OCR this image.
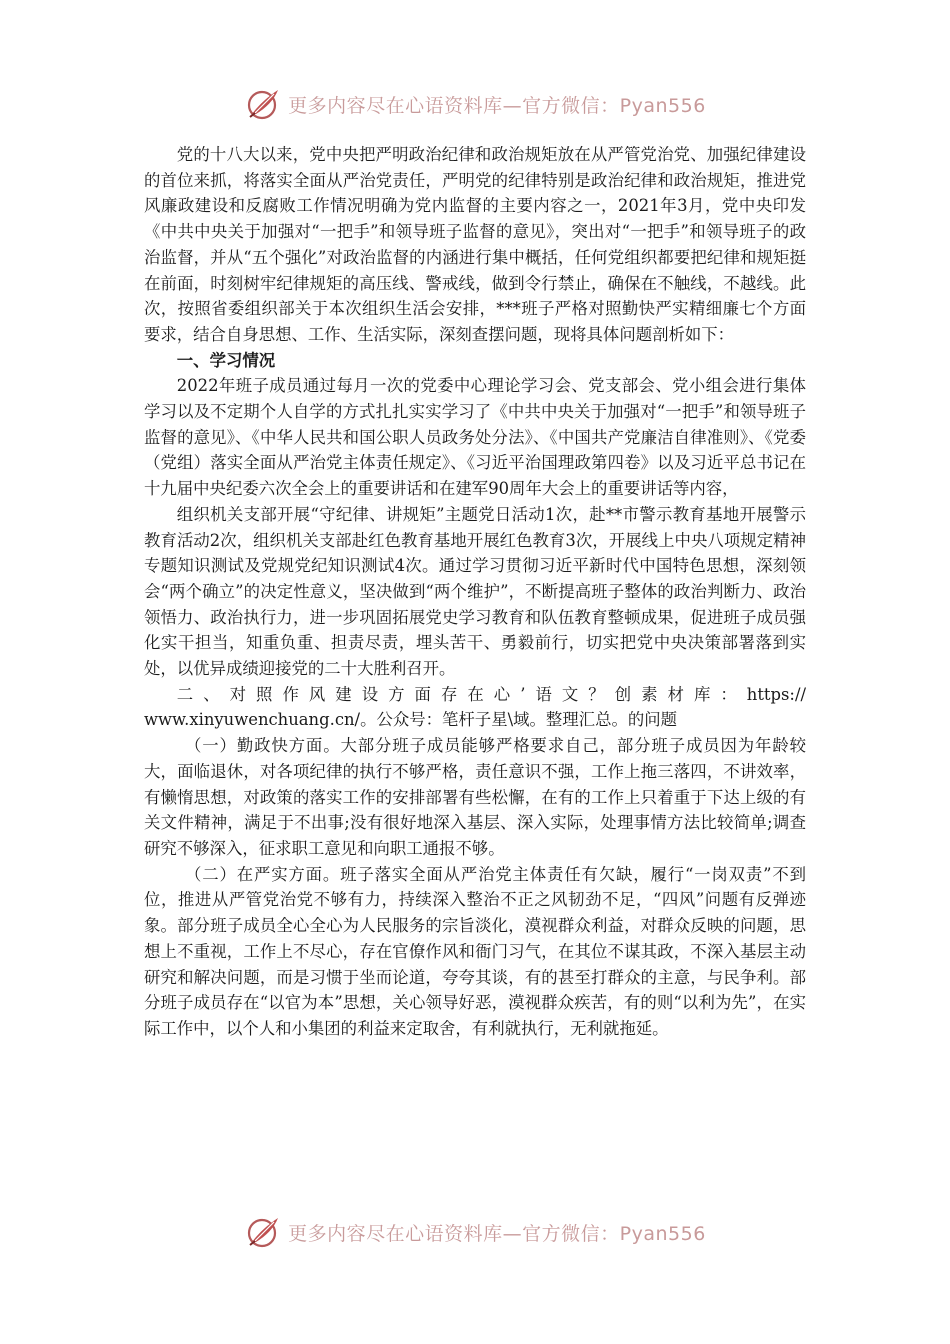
更多内容尽在心语资料库—官方微信：Pyan556

党的十八大以来，党中央把严明政治纪律和政治规矩放在从严管党治党、加强纪律建设的首位来抓，将落实全面从严治党责任，严明党的纪律特别是政治纪律和政治规矩，推进党风廉政建设和反腐败工作情况明确为党内监督的主要内容之一，2021年3月，党中央印发《中共中央关于加强对“一把手”和领导班子监督的意见》，突出对“一把手”和领导班子的政治监督，并从“五个强化”对政治监督的内涵进行集中概括，任何党组织都要把纪律和规矩挺在前面，时刻树牢纪律规矩的高压线、警戒线，做到令行禁止，确保在不触线，不越线。此次，按照省委组织部关于本次组织生活会安排，***班子严格对照勤快严实精细廉七个方面要求，结合自身思想、工作、生活实际，深刻查摆问题，现将具体问题剖析如下：

一、学习情况

2022年班子成员通过每月一次的党委中心理论学习会、党支部会、党小组会进行集体学习以及不定期个人自学的方式扎扎实实学习了《中共中央关于加强对“一把手”和领导班子监督的意见》、《中华人民共和国公职人员政务处分法》、《中国共产党廉洁自律准则》、《党委（党组）落实全面从严治党主体责任规定》、《习近平治国理政第四卷》以及习近平总书记在十九届中央纪委六次全会上的重要讲话和在建军90周年大会上的重要讲话等内容，

组织机关支部开展“守纪律、讲规矩”主题党日活动1次，赴**市警示教育基地开展警示教育活动2次，组织机关支部赴红色教育基地开展红色教育3次，开展线上中央八项规定精神专题知识测试及党规党纪知识测试4次。通过学习贯彻习近平新时代中国特色思想，深刻领会“两个确立”的决定性意义，坚决做到“两个维护”，不断提高班子整体的政治判断力、政治领悟力、政治执行力，进一步巩固拓展党史学习教育和队伍教育整顿成果，促进班子成员强化实干担当，知重负重、担责尽责，埋头苦干、勇毅前行，切实把党中央决策部署落到实处，以优异成绩迎接党的二十大胜利召开。

二、对照作风建设方面存在心’语文？创素材库：https://

www.xinyuwenchuang.cn/。公众号：笔杆子星\域。整理汇总。的问题

（一）勤政快方面。大部分班子成员能够严格要求自己，部分班子成员因为年龄较大，面临退休，对各项纪律的执行不够严格，责任意识不强，工作上拖三落四，不讲效率，有懒惰思想，对政策的落实工作的安排部署有些松懈，在有的工作上只着重于下达上级的有关文件精神，满足于不出事;没有很好地深入基层、深入实际，处理事情方法比较简单;调查研究不够深入，征求职工意见和向职工通报不够。

（二）在严实方面。班子落实全面从严治党主体责任有欠缺，履行“一岗双责”不到位，推进从严管党治党不够有力，持续深入整治不正之风韧劲不足，“四风”问题有反弹迹象。部分班子成员全心全心为人民服务的宗旨淡化，漠视群众利益，对群众反映的问题，思想上不重视，工作上不尽心，存在官僚作风和衙门习气，在其位不谋其政，不深入基层主动研究和解决问题，而是习惯于坐而论道，夸夸其谈，有的甚至打群众的主意，与民争利。部分班子成员存在“以官为本”思想，关心领导好恶，漠视群众疾苦，有的则“以利为先”，在实际工作中，以个人和小集团的利益来定取舍，有利就执行，无利就拖延。

更多内容尽在心语资料库—官方微信：Pyan556
